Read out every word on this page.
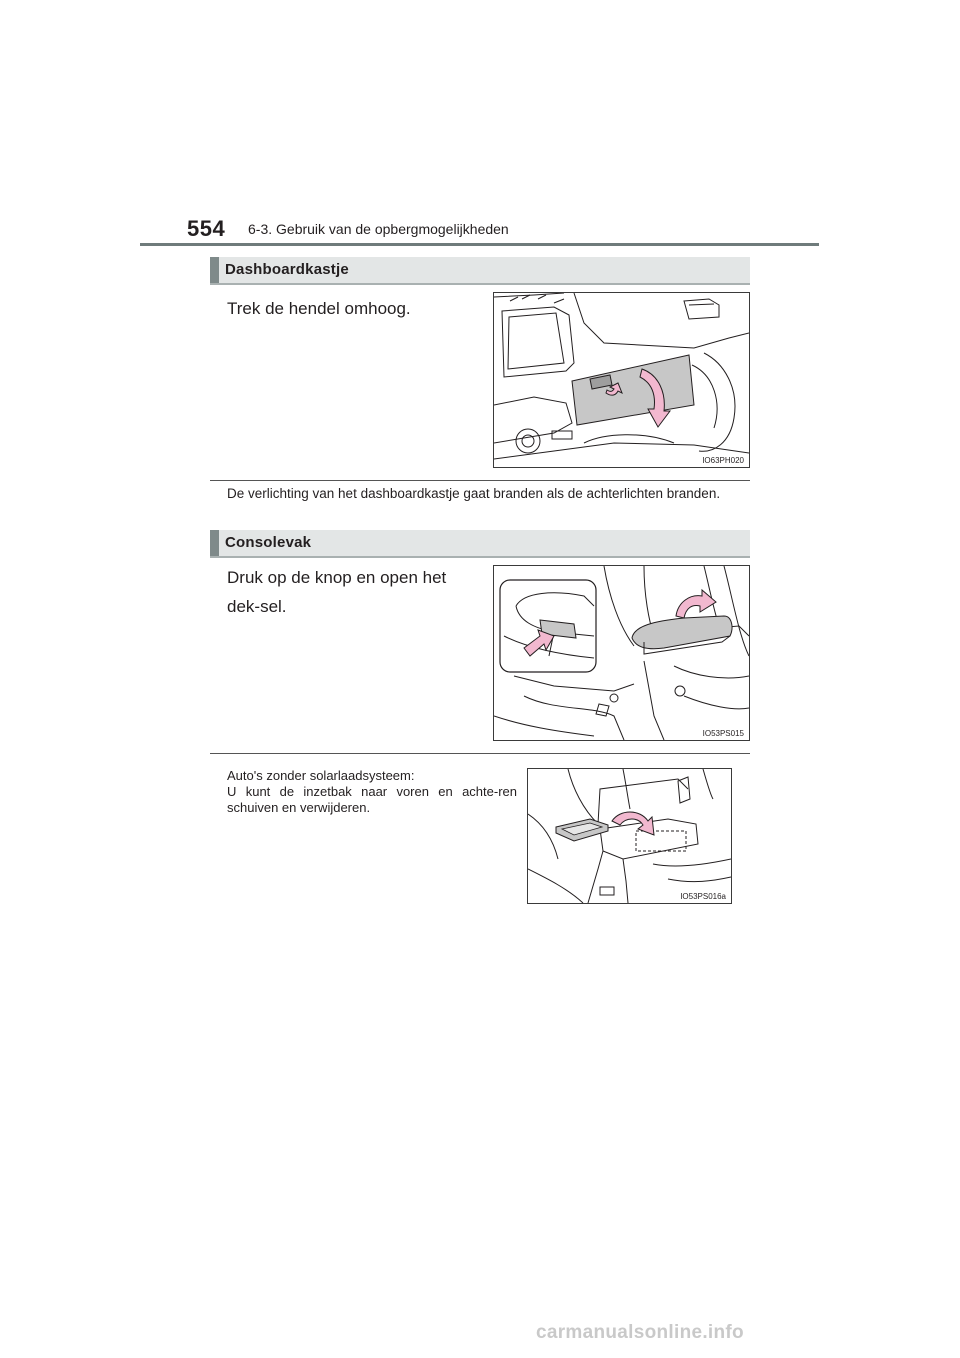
554 6-3. Gebruik van de opbergmogelijkheden
Dashboardkastje
Trek de hendel omhoog.
IO63PH020
De verlichting van het dashboardkastje gaat branden als de achterlichten branden.
Consolevak
Druk op de knop en open het dek-sel.
IO53PS015
Auto's zonder solarlaadsysteem:
U kunt de inzetbak naar voren en achte-ren schuiven en verwijderen.
IO53PS016a
carmanualsonline.info
